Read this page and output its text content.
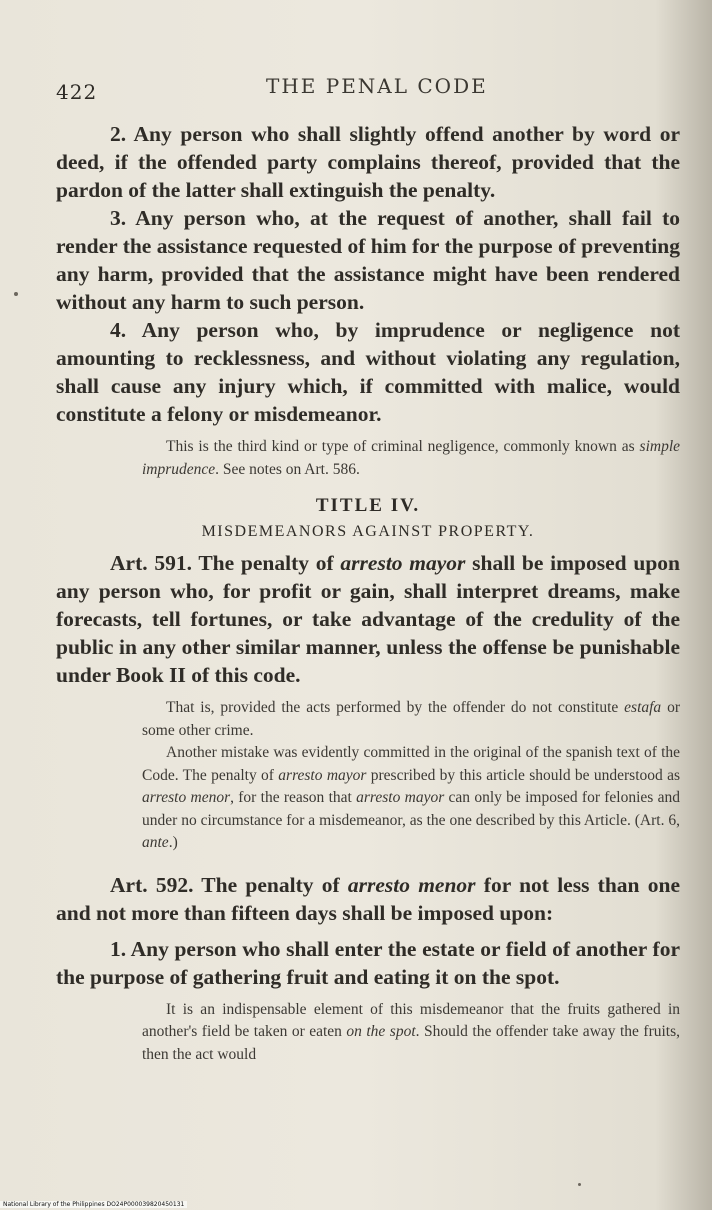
422	THE PENAL CODE

2. Any person who shall slightly offend another by word or deed, if the offended party complains thereof, provided that the pardon of the latter shall extinguish the penalty.

3. Any person who, at the request of another, shall fail to render the assistance requested of him for the purpose of preventing any harm, provided that the assistance might have been rendered without any harm to such person.

4. Any person who, by imprudence or negligence not amounting to recklessness, and without violating any regulation, shall cause any injury which, if committed with malice, would constitute a felony or misdemeanor.

This is the third kind or type of criminal negligence, commonly known as simple imprudence. See notes on Art. 586.

TITLE IV.
MISDEMEANORS AGAINST PROPERTY.

Art. 591. The penalty of arresto mayor shall be imposed upon any person who, for profit or gain, shall interpret dreams, make forecasts, tell fortunes, or take advantage of the credulity of the public in any other similar manner, unless the offense be punishable under Book II of this code.

That is, provided the acts performed by the offender do not constitute estafa or some other crime.

Another mistake was evidently committed in the original of the spanish text of the Code. The penalty of arresto mayor prescribed by this article should be understood as arresto menor, for the reason that arresto mayor can only be imposed for felonies and under no circumstance for a misdemeanor, as the one described by this Article. (Art. 6, ante.)

Art. 592. The penalty of arresto menor for not less than one and not more than fifteen days shall be imposed upon:

1. Any person who shall enter the estate or field of another for the purpose of gathering fruit and eating it on the spot.

It is an indispensable element of this misdemeanor that the fruits gathered in another's field be taken or eaten on the spot. Should the offender take away the fruits, then the act would

National Library of the Philippines DO24P000039820450131
